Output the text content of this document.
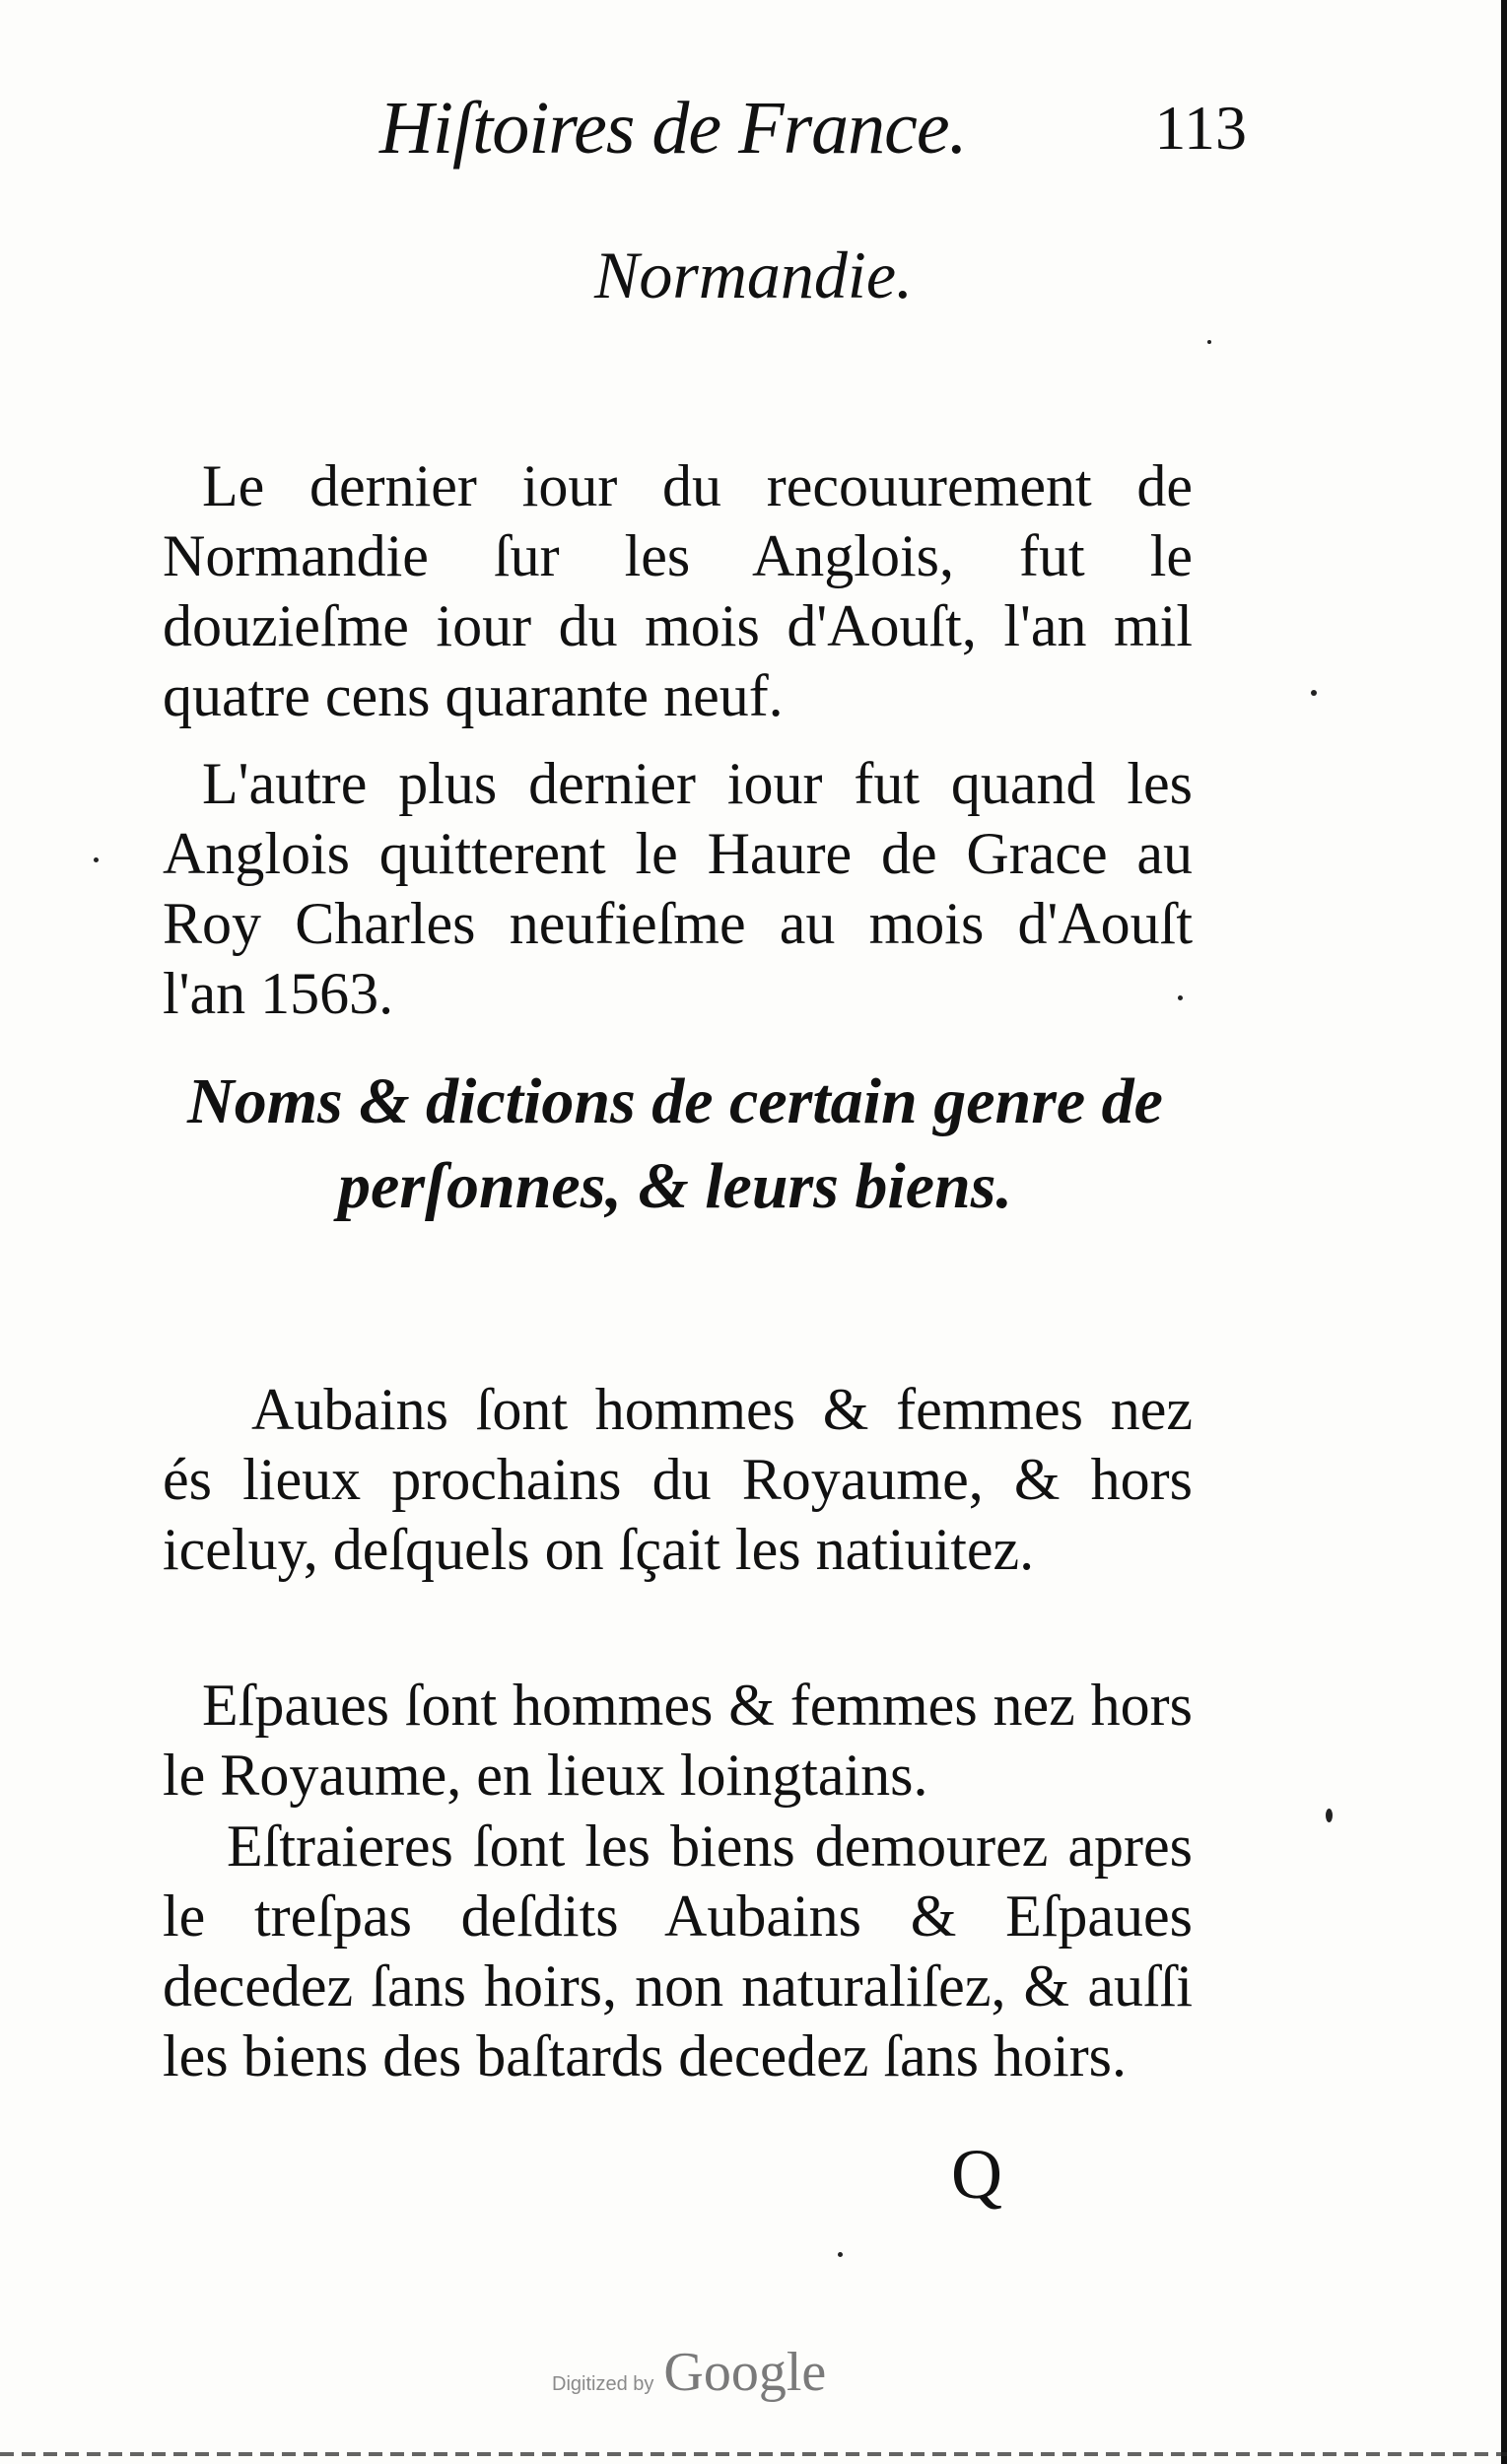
Hiſtoires de France.	113
Normandie.

Le dernier iour du recouurement de Normandie ſur les Anglois, fut le douzieſme iour du mois d'Aouſt, l'an mil quatre cens quarante neuf.

L'autre plus dernier iour fut quand les Anglois quitterent le Haure de Grace au Roy Charles neufieſme au mois d'Aouſt l'an 1563.

Noms & dictions de certain genre de perſonnes, & leurs biens.

Aubains ſont hommes & femmes nez és lieux prochains du Royaume, & hors iceluy, deſquels on ſçait les natiuitez.

Eſpaues ſont hommes & femmes nez hors le Royaume, en lieux loingtains.

Eſtraieres ſont les biens demourez apres le treſpas deſdits Aubains & Eſpaues decedez ſans hoirs, non naturaliſez, & auſſi les biens des baſtards decedez ſans hoirs.

Q
Digitized by Google
